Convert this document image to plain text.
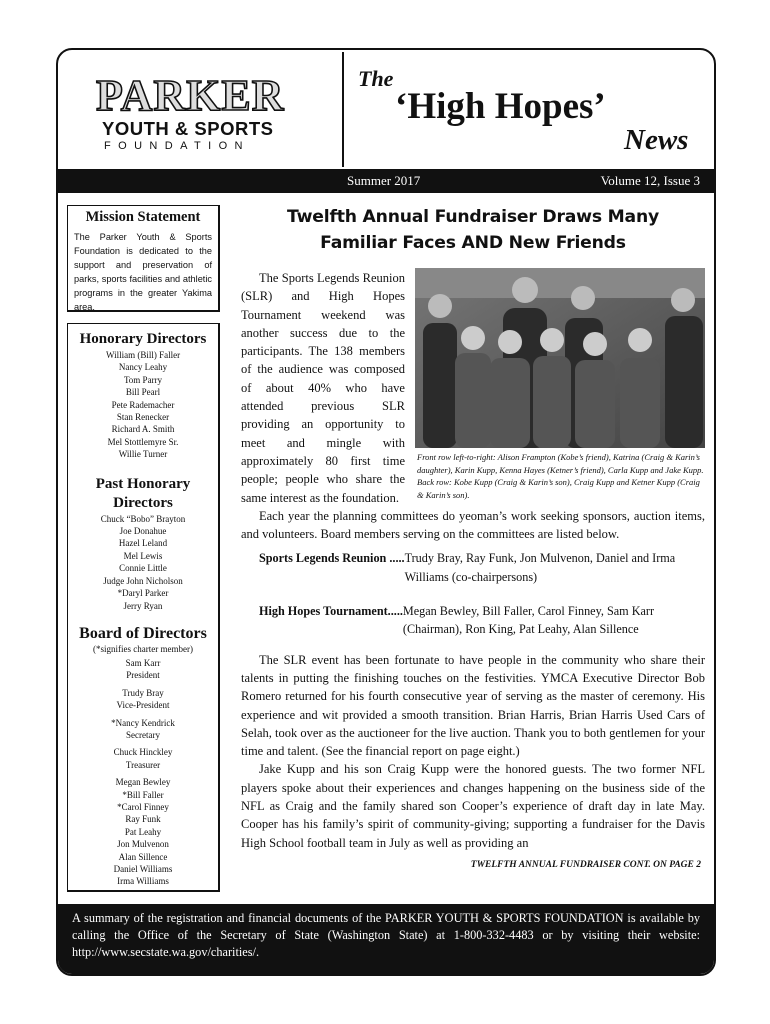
PARKER
YOUTH & SPORTS
FOUNDATION
The
‘High Hopes’
News
Summer 2017	Volume 12, Issue 3
Mission Statement

The Parker Youth & Sports Foundation is dedicated to the support and preservation of parks, sports facilities and athletic programs in the greater Yakima area.

Honorary Directors
William (Bill) Faller
Nancy Leahy
Tom Parry
Bill Pearl
Pete Rademacher
Stan Renecker
Richard A. Smith
Mel Stottlemyre Sr.
Willie Turner
Past Honorary
Directors
Chuck “Bobo” Brayton
Joe Donahue
Hazel Leland
Mel Lewis
Connie Little
Judge John Nicholson
*Daryl Parker
Jerry Ryan
Board of Directors
(*signifies charter member)
Sam Karr
President
Trudy Bray
Vice-President
*Nancy Kendrick
Secretary
Chuck Hinckley
Treasurer
Megan Bewley
*Bill Faller
*Carol Finney
Ray Funk
Pat Leahy
Jon Mulvenon
Alan Sillence
Daniel Williams
Irma Williams
Twelfth Annual Fundraiser Draws Many
Familiar Faces AND New Friends

Front row left-to-right: Alison Frampton (Kobe’s friend), Katrina (Craig & Karin’s daughter), Karin Kupp, Kenna Hayes (Ketner’s friend), Carla Kupp and Jake Kupp. Back row: Kobe Kupp (Craig & Karin’s son), Craig Kupp and Ketner Kupp (Craig & Karin’s son).

The Sports Legends Reunion (SLR) and High Hopes Tournament weekend was another success due to the participants. The 138 members of the audience was composed of about 40% who have attended previous SLR providing an opportunity to meet and mingle with approximately 80 first time people; people who share the same interest as the foundation.

Each year the planning committees do yeoman’s work seeking sponsors, auction items, and volunteers. Board members serving on the committees are listed below.

Sports Legends Reunion ..... Trudy Bray, Ray Funk, Jon Mulvenon, Daniel and Irma Williams (co-chairpersons)
High Hopes Tournament..... Megan Bewley, Bill Faller, Carol Finney, Sam Karr (Chairman), Ron King, Pat Leahy, Alan Sillence

The SLR event has been fortunate to have people in the community who share their talents in putting the finishing touches on the festivities. YMCA Executive Director Bob Romero returned for his fourth consecutive year of serving as the master of ceremony. His experience and wit provided a smooth transition. Brian Harris, Brian Harris Used Cars of Selah, took over as the auctioneer for the live auction. Thank you to both gentlemen for your time and talent. (See the financial report on page eight.)

Jake Kupp and his son Craig Kupp were the honored guests. The two former NFL players spoke about their experiences and changes happening on the business side of the NFL as Craig and the family shared son Cooper’s experience of draft day in late May. Cooper has his family’s spirit of community-giving; supporting a fundraiser for the Davis High School football team in July as well as providing an

TWELFTH ANNUAL FUNDRAISER CONT. ON PAGE 2
A summary of the registration and financial documents of the PARKER YOUTH & SPORTS FOUNDATION is available by calling the Office of the Secretary of State (Washington State) at 1-800-332-4483 or by visiting their website: http://www.secstate.wa.gov/charities/.
